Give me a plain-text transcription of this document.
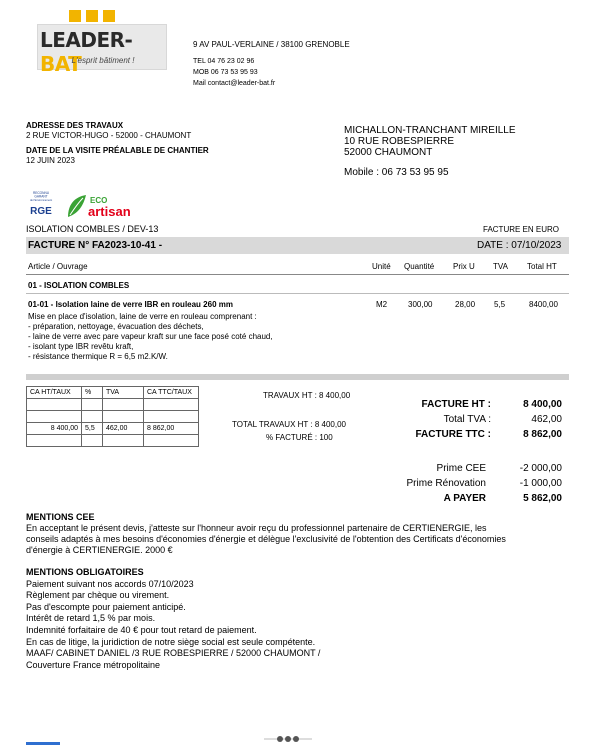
LEADER-BAT
L'esprit bâtiment !
9 AV PAUL-VERLAINE / 38100 GRENOBLE
TEL 04 76 23 02 96
MOB 06 73 53 95 93
Mail contact@leader-bat.fr
ADRESSE DES TRAVAUX
2 RUE VICTOR-HUGO - 52000 - CHAUMONT
DATE DE LA VISITE PRÉALABLE DE CHANTIER
12 JUIN 2023
MICHALLON-TRANCHANT MIREILLE
10 RUE ROBESPIERRE
52000 CHAUMONT
Mobile : 06 73 53 95 95
RECONNU
GARANT
de l'Environnement
RGE
ECO
artisan
ISOLATION COMBLES / DEV-13	FACTURE EN EURO
FACTURE N° FA2023-10-41 -	DATE : 07/10/2023
Article / Ouvrage	Unité Quantité Prix U TVA Total HT
01 - ISOLATION COMBLES
01-01 - Isolation laine de verre IBR en rouleau 260 mm	M2	300,00	28,00 5,5	8400,00
Mise en place d'isolation, laine de verre en rouleau comprenant :
- préparation, nettoyage, évacuation des déchets,
- laine de verre avec pare vapeur kraft sur une face posé coté chaud,
- isolant type IBR revêtu kraft,
- résistance thermique R = 6,5 m2.K/W.
CA HT/TAUX	%	TVA	CA TTC/TAUX

8 400,00	5,5	462,00	8 862,00

TRAVAUX HT : 8 400,00
TOTAL TRAVAUX HT : 8 400,00
% FACTURÉ : 100
FACTURE HT :	8 400,00
Total TVA :	462,00
FACTURE TTC :	8 862,00
Prime CEE	-2 000,00
Prime Rénovation	-1 000,00
A PAYER	5 862,00
MENTIONS CEE
En acceptant le présent devis, j'atteste sur l'honneur avoir reçu du professionnel partenaire de CERTIENERGIE, les
conseils adaptés à mes besoins d'économies d'énergie et délègue l'exclusivité de l'obtention des Certificats d'économies
d'énergie à CERTIENERGIE. 2000 €
MENTIONS OBLIGATOIRES
Paiement suivant nos accords 07/10/2023
Règlement par chèque ou virement.
Pas d'escompte pour paiement anticipé.
Intérêt de retard 1,5 % par mois.
Indemnité forfaitaire de 40 € pour tout retard de paiement.
En cas de litige, la juridiction de notre siège social est seule compétente.
MAAF/ CABINET DANIEL /3 RUE ROBESPIERRE / 52000 CHAUMONT /
Couverture France métropolitaine
